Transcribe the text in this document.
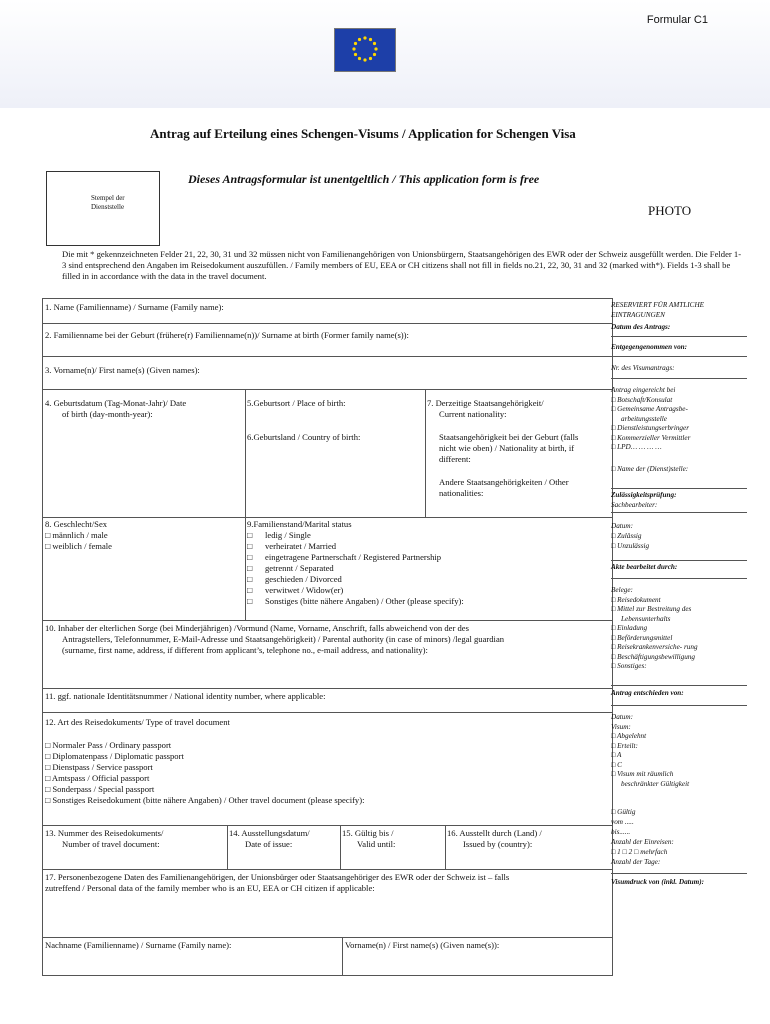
Formular C1
Antrag auf Erteilung eines Schengen-Visums / Application for Schengen Visa
Dieses Antragsformular ist unentgeltlich / This application form is free
Stempel der Dienststelle	PHOTO
Die mit * gekennzeichneten Felder 21, 22, 30, 31 und 32 müssen nicht von Familienangehörigen von Unionsbürgern, Staatsangehörigen des EWR oder der Schweiz ausgefüllt werden. Die Felder 1-3 sind entsprechend den Angaben im Reisedokument auszufüllen. / Family members of EU, EEA or CH citizens shall not fill in fields no.21, 22, 30, 31 and 32 (marked with*). Fields 1-3 shall be filled in in accordance with the data in the travel document.
1. Name (Familienname) / Surname (Family name):
2. Familienname bei der Geburt (frühere(r) Familienname(n))/ Surname at birth (Former family name(s)):
3. Vorname(n)/ First name(s) (Given names):
4. Geburtsdatum (Tag-Monat-Jahr)/ Date
of birth (day-month-year):
5.Geburtsort / Place of birth:
6.Geburtsland / Country of birth:
7. Derzeitige Staatsangehörigkeit/
Current nationality:
Staatsangehörigkeit bei der Geburt (falls
nicht wie oben) / Nationality at birth, if
different:
Andere Staatsangehörigkeiten / Other
nationalities:
8. Geschlecht/Sex
□ männlich / male
□ weiblich / female
9.Familienstand/Marital status
□ ledig / Single
□ verheiratet / Married
□ eingetragene Partnerschaft / Registered Partnership
□ getrennt / Separated
□ geschieden / Divorced
□ verwitwet / Widow(er)
□ Sonstiges (bitte nähere Angaben) / Other (please specify):
10. Inhaber der elterlichen Sorge (bei Minderjährigen) /Vormund (Name, Vorname, Anschrift, falls abweichend von der des
Antragstellers, Telefonnummer, E-Mail-Adresse und Staatsangehörigkeit) / Parental authority (in case of minors) /legal guardian
(surname, first name, address, if different from applicant’s, telephone no., e-mail address, and nationality):
11. ggf. nationale Identitätsnummer / National identity number, where applicable:
12. Art des Reisedokuments/ Type of travel document
□ Normaler Pass / Ordinary passport
□ Diplomatenpass / Diplomatic passport
□ Dienstpass / Service passport
□ Amtspass / Official passport
□ Sonderpass / Special passport
□ Sonstiges Reisedokument (bitte nähere Angaben) / Other travel document (please specify):
13. Nummer des Reisedokuments/
Number of travel document:
14. Ausstellungsdatum/
Date of issue:
15. Gültig bis /
Valid until:
16. Ausstellt durch (Land) /
Issued by (country):
17. Personenbezogene Daten des Familienangehörigen, der Unionsbürger oder Staatsangehöriger des EWR oder der Schweiz ist – falls
zutreffend / Personal data of the family member who is an EU, EEA or CH citizen if applicable:
Nachname (Familienname) / Surname (Family name):	Vorname(n) / First name(s) (Given name(s)):
RESERVIERT FÜR AMTLICHE EINTRAGUNGEN
Datum des Antrags:
Entgegengenommen von:
Nr. des Visumantrags:
Antrag eingereicht bei
□ Botschaft/Konsulat
□ Gemeinsame Antragsbe-
arbeitungsstelle
□ Dienstleistungserbringer
□ Kommerzieller Vermittler
□ LPD… … … …
□ Name der (Dienst)stelle:
Zulässigkeitsprüfung:
Sachbearbeiter:
Datum:
□ Zulässig
□ Unzulässig
Akte bearbeitet durch:
Belege:
□ Reisedokument
□ Mittel zur Bestreitung des
Lebensunterhalts
□ Einladung
□ Beförderungsmittel
□ Reisekrankenversiche- rung
□ Beschäftigungsbewilligung
□ Sonstiges:
Antrag entschieden von:
Datum:
Visum:
□ Abgelehnt
□ Erteilt:
□ A
□ C
□ Visum mit räumlich
beschränkter Gültigkeit
□ Gültig
vom .....
bis......
Anzahl der Einreisen:
□ 1 □ 2 □ mehrfach
Anzahl der Tage:
Visumdruck von (inkl. Datum):
